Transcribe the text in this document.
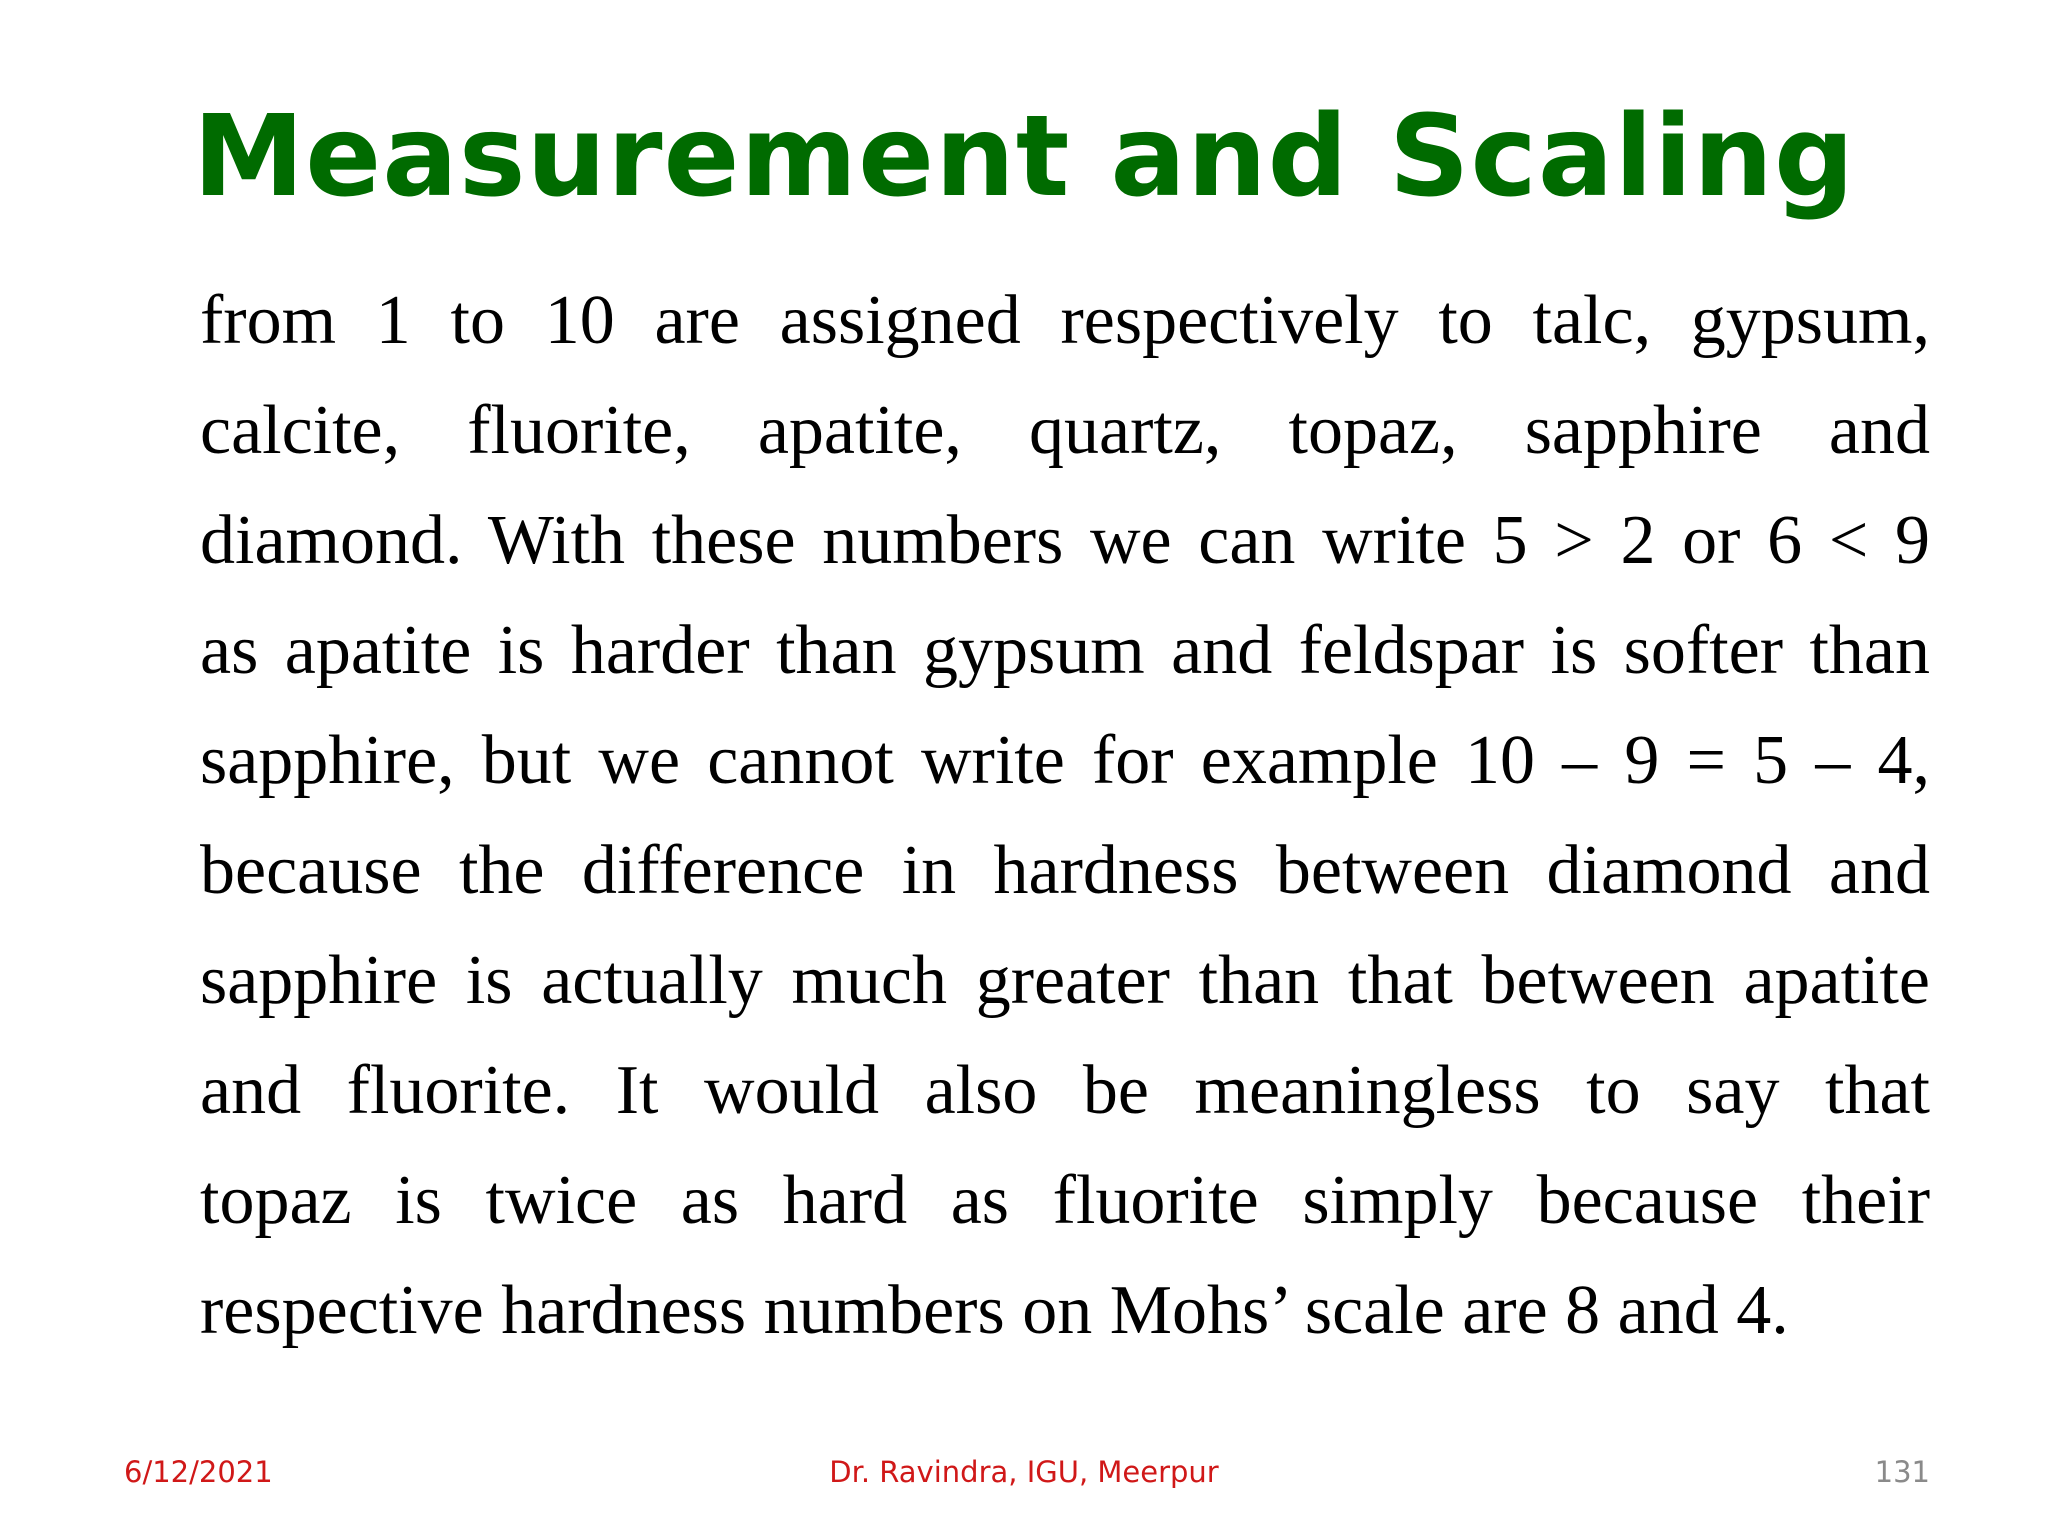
Measurement and Scaling
from 1 to 10 are assigned respectively to talc, gypsum,
calcite, fluorite, apatite, quartz, topaz, sapphire and
diamond. With these numbers we can write 5 > 2 or 6 < 9
as apatite is harder than gypsum and feldspar is softer than
sapphire, but we cannot write for example 10 – 9 = 5 – 4,
because the difference in hardness between diamond and
sapphire is actually much greater than that between apatite
and fluorite. It would also be meaningless to say that
topaz is twice as hard as fluorite simply because their
respective hardness numbers on Mohs’ scale are 8 and 4.
6/12/2021	Dr. Ravindra, IGU, Meerpur	131
